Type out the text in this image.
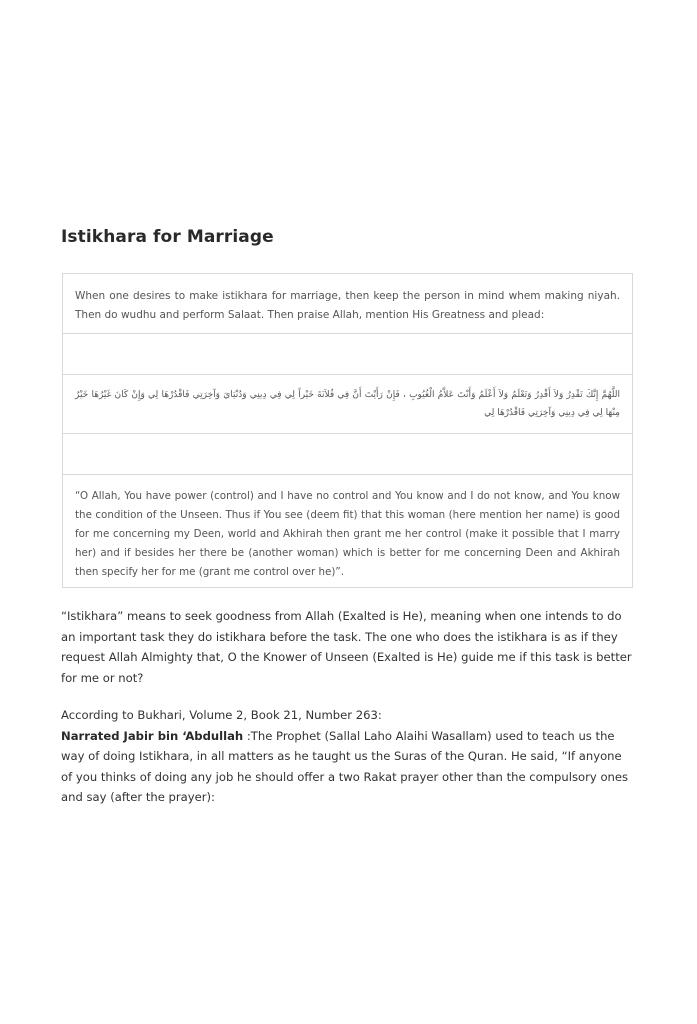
Istikhara for Marriage
When one desires to make istikhara for marriage, then keep the person in mind whem making niyah. Then do wudhu and perform Salaat. Then praise Allah, mention His Greatness and plead:
اللَّهُمَّ إِنَّكَ تَقْدِرُ وَلاَ أَقْدِرُ وَتَعْلَمُ وَلاَ أَعْلَمُ وَأَنْتَ عَلاَّمُ الْغُيُوبِ ، فَإِنْ رَأَيْتَ أَنَّ فِي فُلاَنَةَ خَيْراً لِي فِي دِينِي وَدُنْيَايَ وَآخِرَتِي فَاقْدُرْهَا لِي وَإِنْ كَانَ غَيْرُهَا خَيْرٌ مِنْهَا لِي فِي دِينِي وَآخِرَتِي فَاقْدُرْهَا لِي
“O Allah, You have power (control) and I have no control and You know and I do not know, and You know the condition of the Unseen. Thus if You see (deem fit) that this woman (here mention her name) is good for me concerning my Deen, world and Akhirah then grant me her control (make it possible that I marry her) and if besides her there be (another woman) which is better for me concerning Deen and Akhirah then specify her for me (grant me control over he)”.

“Istikhara” means to seek goodness from Allah (Exalted is He), meaning when one intends to do an important task they do istikhara before the task. The one who does the istikhara is as if they request Allah Almighty that, O the Knower of Unseen (Exalted is He) guide me if this task is better for me or not?

According to Bukhari, Volume 2, Book 21, Number 263:
Narrated Jabir bin ‘Abdullah :The Prophet (Sallal Laho Alaihi Wasallam) used to teach us the way of doing Istikhara, in all matters as he taught us the Suras of the Quran. He said, “If anyone of you thinks of doing any job he should offer a two Rakat prayer other than the compulsory ones and say (after the prayer):
